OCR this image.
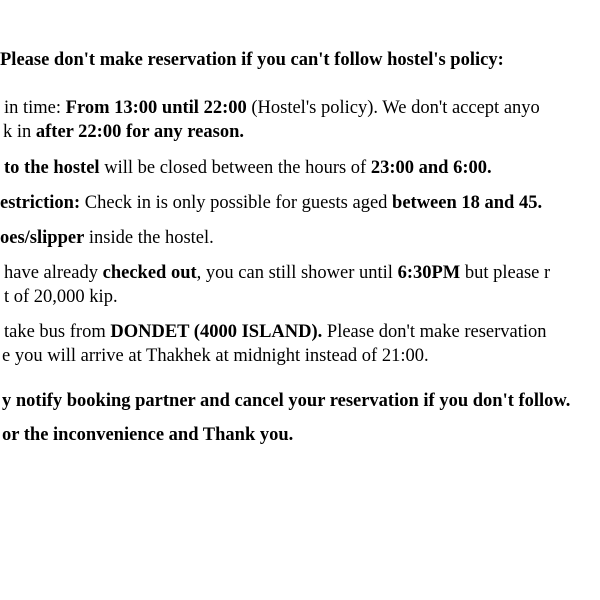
Please don't make reservation if you can't follow hostel's policy:
in time: From 13:00 until 22:00 (Hostel's policy). We don't accept anyo
k in after 22:00 for any reason.
to the hostel will be closed between the hours of 23:00 and 6:00.
estriction: Check in is only possible for guests aged between 18 and 45.
oes/slipper inside the hostel.
have already checked out, you can still shower until 6:30PM but please r
t of 20,000 kip.
take bus from DONDET (4000 ISLAND). Please don't make reservation
e you will arrive at Thakhek at midnight instead of 21:00.
y notify booking partner and cancel your reservation if you don't follow.
or the inconvenience and Thank you.
